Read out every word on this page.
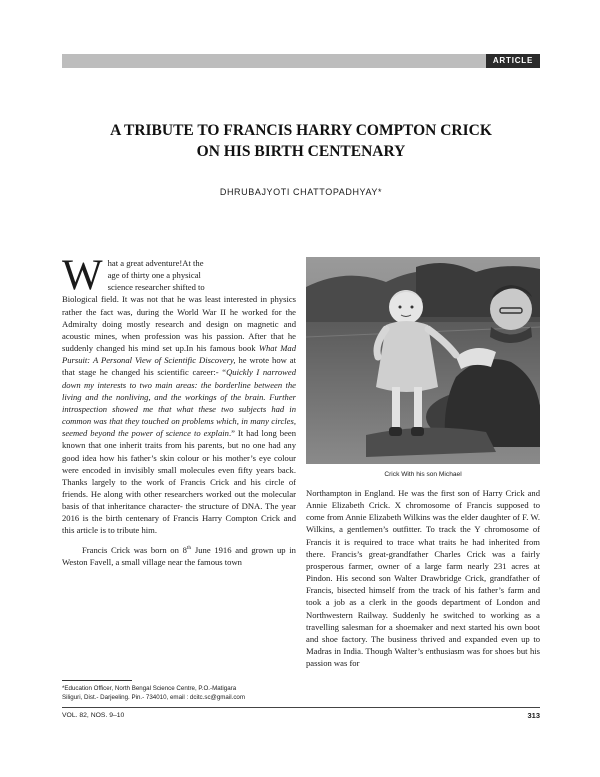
ARTICLE
A TRIBUTE TO FRANCIS HARRY COMPTON CRICK
ON HIS BIRTH CENTENARY
DHRUBAJYOTI CHATTOPADHYAY*

W hat a great adventure!At the
age of thirty one a physical
science researcher shifted to
Biological field. It was not that he was least interested in physics rather the fact was, during the World War II he worked for the Admiralty doing mostly research and design on magnetic and acoustic mines, when profession was his passion. After that he suddenly changed his mind set up.In his famous book What Mad Pursuit: A Personal View of Scientific Discovery, he wrote how at that stage he changed his scientific career:- “Quickly I narrowed down my interests to two main areas: the borderline between the living and the nonliving, and the workings of the brain. Further introspection showed me that what these two subjects had in common was that they touched on problems which, in many circles, seemed beyond the power of science to explain.” It had long been known that one inherit traits from his parents, but no one had any good idea how his father’s skin colour or his mother’s eye colour were encoded in invisibly small molecules even fifty years back. Thanks largely to the work of Francis Crick and his circle of friends. He along with other researchers worked out the molecular basis of that inheritance character- the structure of DNA. The year 2016 is the birth centenary of Francis Harry Compton Crick and this article is to tribute him.

Francis Crick was born on 8th June 1916 and grown up in Weston Favell, a small village near the famous town

Crick With his son Michael

Northampton in England. He was the first son of Harry Crick and Annie Elizabeth Crick. X chromosome of Francis supposed to come from Annie Elizabeth Wilkins was the elder daughter of F. W. Wilkins, a gentlemen’s outfitter. To track the Y chromosome of Francis it is required to trace what traits he had inherited from there. Francis’s great-grandfather Charles Crick was a fairly prosperous farmer, owner of a large farm nearly 231 acres at Pindon. His second son Walter Drawbridge Crick, grandfather of Francis, bisected himself from the track of his father’s farm and took a job as a clerk in the goods department of London and Northwestern Railway. Suddenly he switched to working as a travelling salesman for a shoemaker and next started his own boot and shoe factory. The business thrived and expanded even up to Madras in India. Though Walter’s enthusiasm was for shoes but his passion was for

*Education Officer, North Bengal Science Centre, P.O.-Matigara
Siliguri, Dist.- Darjeeling. Pin.- 734010, email : dcitc.sc@gmail.com
VOL. 82, NOS. 9–10	313
